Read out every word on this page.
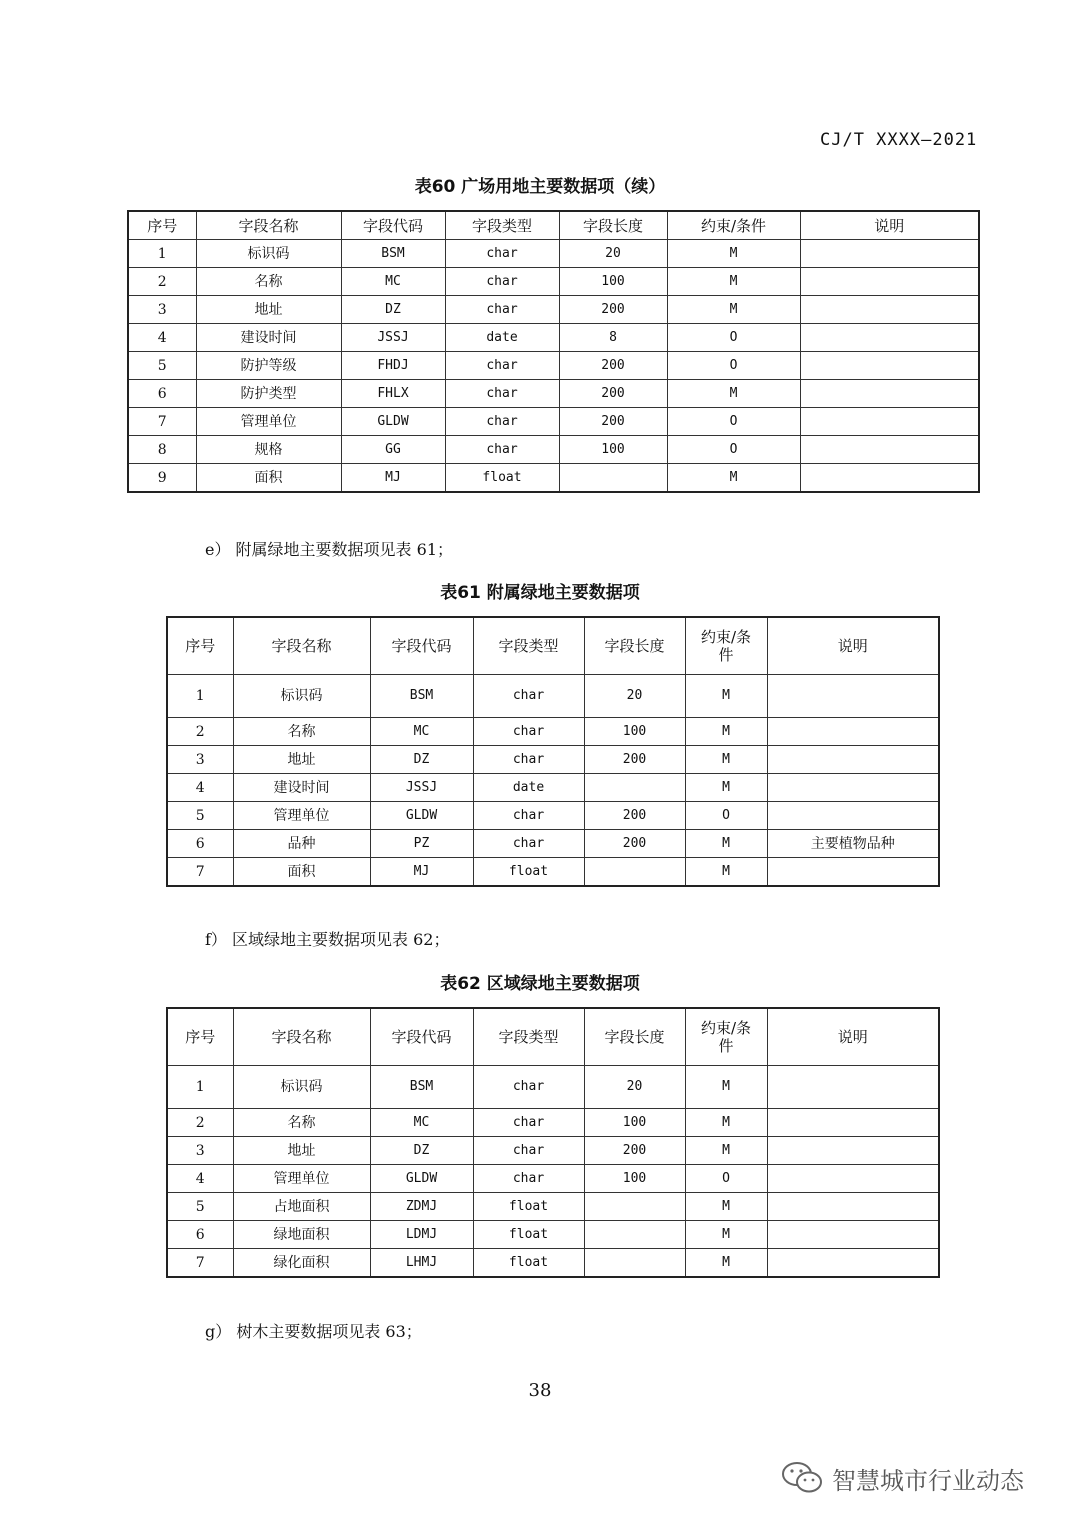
CJ/T XXXX—2021
表60 广场用地主要数据项（续）
序号	字段名称	字段代码	字段类型	字段长度	约束/条件	说明
1	标识码	BSM	char	20	M	
2	名称	MC	char	100	M	
3	地址	DZ	char	200	M	
4	建设时间	JSSJ	date	8	O	
5	防护等级	FHDJ	char	200	O	
6	防护类型	FHLX	char	200	M	
7	管理单位	GLDW	char	200	O	
8	规格	GG	char	100	O	
9	面积	MJ	float		M	
e） 附属绿地主要数据项见表 61；
表61 附属绿地主要数据项
序号	字段名称	字段代码	字段类型	字段长度	约束/条件	说明
1	标识码	BSM	char	20	M	
2	名称	MC	char	100	M	
3	地址	DZ	char	200	M	
4	建设时间	JSSJ	date		M	
5	管理单位	GLDW	char	200	O	
6	品种	PZ	char	200	M	主要植物品种
7	面积	MJ	float		M	
f） 区域绿地主要数据项见表 62；
表62 区域绿地主要数据项
序号	字段名称	字段代码	字段类型	字段长度	约束/条件	说明
1	标识码	BSM	char	20	M	
2	名称	MC	char	100	M	
3	地址	DZ	char	200	M	
4	管理单位	GLDW	char	100	O	
5	占地面积	ZDMJ	float		M	
6	绿地面积	LDMJ	float		M	
7	绿化面积	LHMJ	float		M	
g） 树木主要数据项见表 63；
38
智慧城市行业动态
